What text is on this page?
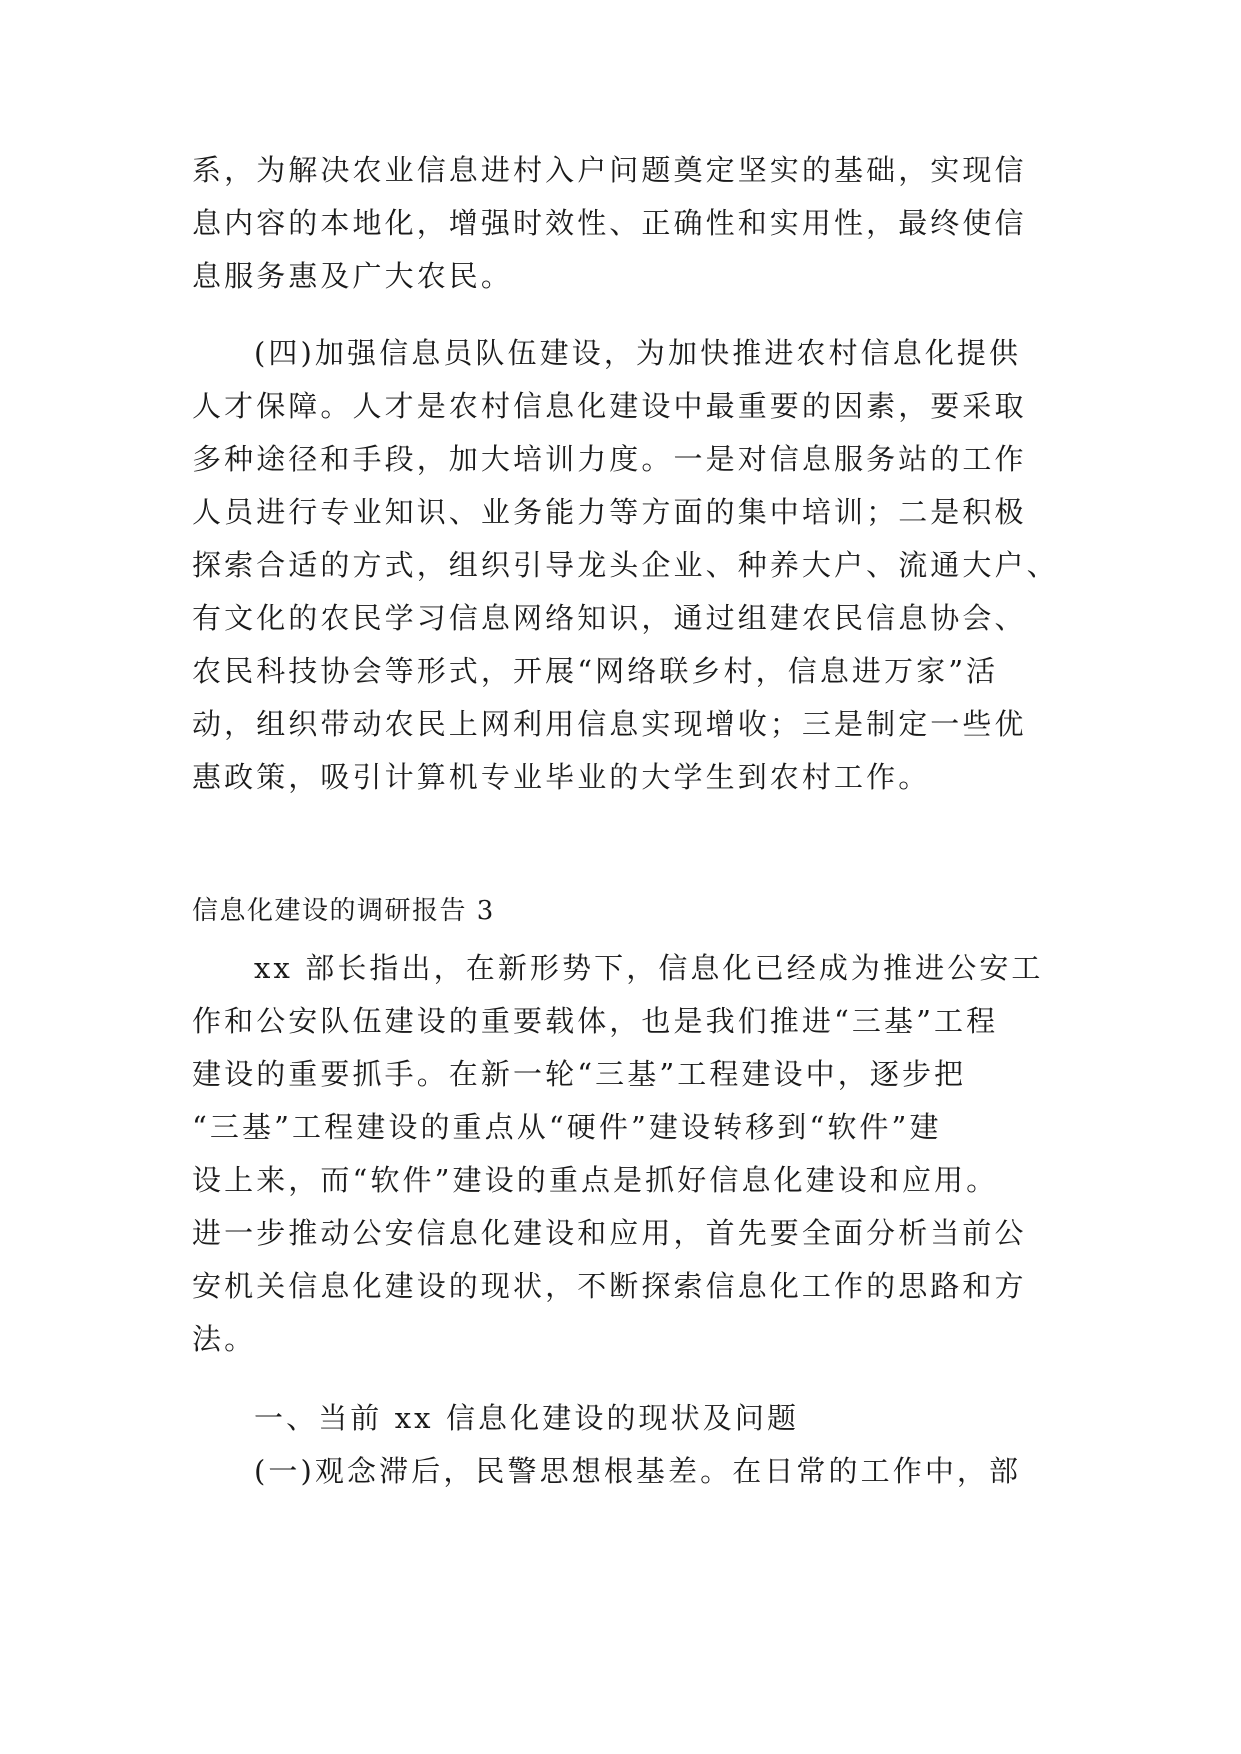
系，为解决农业信息进村入户问题奠定坚实的基础，实现信
息内容的本地化，增强时效性、正确性和实用性，最终使信
息服务惠及广大农民。
(四)加强信息员队伍建设，为加快推进农村信息化提供
人才保障。人才是农村信息化建设中最重要的因素，要采取
多种途径和手段，加大培训力度。一是对信息服务站的工作
人员进行专业知识、业务能力等方面的集中培训；二是积极
探索合适的方式，组织引导龙头企业、种养大户、流通大户、
有文化的农民学习信息网络知识，通过组建农民信息协会、
农民科技协会等形式，开展“网络联乡村，信息进万家”活
动，组织带动农民上网利用信息实现增收；三是制定一些优
惠政策，吸引计算机专业毕业的大学生到农村工作。
信息化建设的调研报告 3
xx 部长指出，在新形势下，信息化已经成为推进公安工
作和公安队伍建设的重要载体，也是我们推进“三基”工程
建设的重要抓手。在新一轮“三基”工程建设中，逐步把
“三基”工程建设的重点从“硬件”建设转移到“软件”建
设上来，而“软件”建设的重点是抓好信息化建设和应用。
进一步推动公安信息化建设和应用，首先要全面分析当前公
安机关信息化建设的现状，不断探索信息化工作的思路和方
法。
一、当前 xx 信息化建设的现状及问题
(一)观念滞后，民警思想根基差。在日常的工作中，部
